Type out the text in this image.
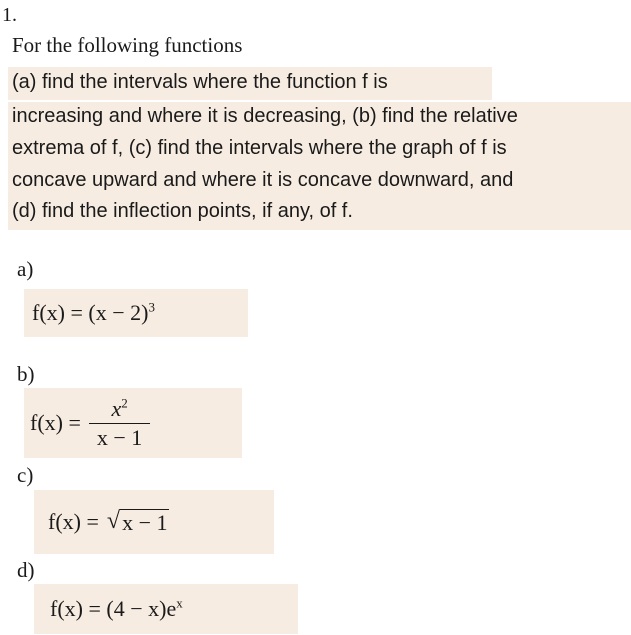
1.
For the following functions
(a) find the intervals where the function f is
increasing and where it is decreasing, (b) find the relative
extrema of f, (c) find the intervals where the graph of f is
concave upward and where it is concave downward, and
(d) find the inflection points, if any, of f.
a)
$f(x) = (x - 2)^3$
b)
$f(x) = \frac{x^2}{x - 1}$
c)
f(x) = √ x − 1
d)
$f(x) = (4 - x)e^x$
